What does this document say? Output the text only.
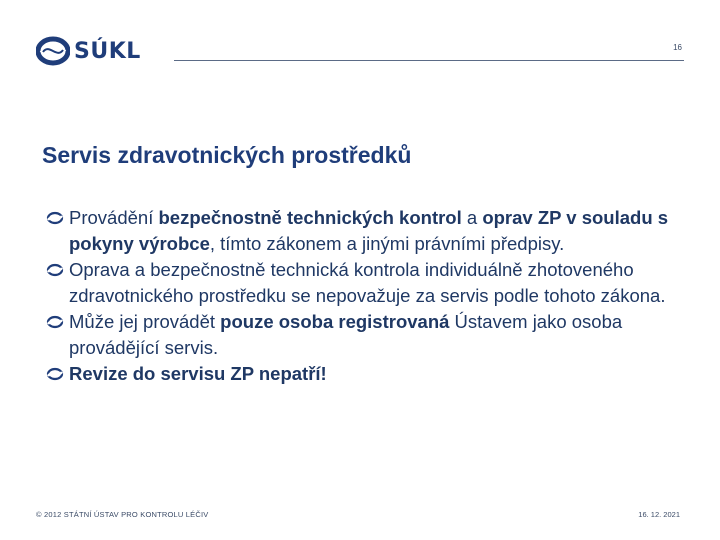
SÚKL	16
Servis zdravotnických prostředků
Provádění bezpečnostně technických kontrol a oprav ZP v souladu s pokyny výrobce, tímto zákonem a jinými právními předpisy.
Oprava a bezpečnostně technická kontrola individuálně zhotoveného zdravotnického prostředku se nepovažuje za servis podle tohoto zákona.
Může jej provádět pouze osoba registrovaná Ústavem jako osoba provádějící servis.
Revize do servisu ZP nepatří!
© 2012 STÁTNÍ ÚSTAV PRO KONTROLU LÉČIV	16. 12. 2021
